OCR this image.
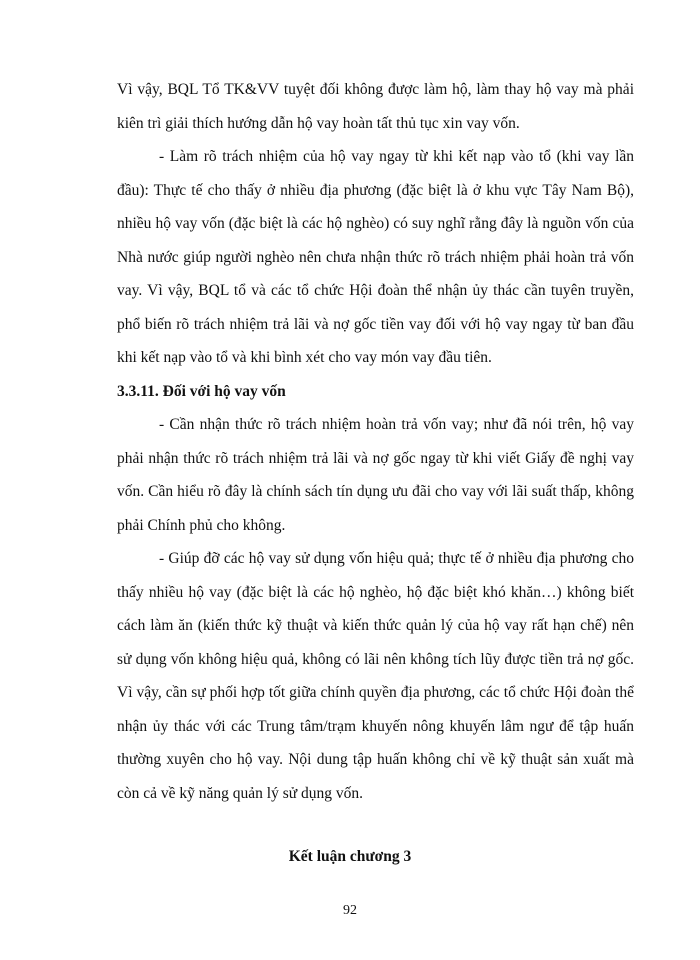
Vì vậy, BQL Tổ TK&VV tuyệt đối không được làm hộ, làm thay hộ vay mà phải kiên trì giải thích hướng dẫn hộ vay hoàn tất thủ tục xin vay vốn.

- Làm rõ trách nhiệm của hộ vay ngay từ khi kết nạp vào tổ (khi vay lần đầu): Thực tế cho thấy ở nhiều địa phương (đặc biệt là ở khu vực Tây Nam Bộ), nhiều hộ vay vốn (đặc biệt là các hộ nghèo) có suy nghĩ rằng đây là nguồn vốn của Nhà nước giúp người nghèo nên chưa nhận thức rõ trách nhiệm phải hoàn trả vốn vay. Vì vậy, BQL tổ và các tổ chức Hội đoàn thể nhận ủy thác cần tuyên truyền, phổ biến rõ trách nhiệm trả lãi và nợ gốc tiền vay đối với hộ vay ngay từ ban đầu khi kết nạp vào tổ và khi bình xét cho vay món vay đầu tiên.

3.3.11. Đối với hộ vay vốn

- Cần nhận thức rõ trách nhiệm hoàn trả vốn vay; như đã nói trên, hộ vay phải nhận thức rõ trách nhiệm trả lãi và nợ gốc ngay từ khi viết Giấy đề nghị vay vốn. Cần hiểu rõ đây là chính sách tín dụng ưu đãi cho vay với lãi suất thấp, không phải Chính phủ cho không.

- Giúp đỡ các hộ vay sử dụng vốn hiệu quả; thực tế ở nhiều địa phương cho thấy nhiều hộ vay (đặc biệt là các hộ nghèo, hộ đặc biệt khó khăn…) không biết cách làm ăn (kiến thức kỹ thuật và kiến thức quản lý của hộ vay rất hạn chế) nên sử dụng vốn không hiệu quả, không có lãi nên không tích lũy được tiền trả nợ gốc. Vì vậy, cần sự phối hợp tốt giữa chính quyền địa phương, các tổ chức Hội đoàn thể nhận ủy thác với các Trung tâm/trạm khuyến nông khuyến lâm ngư để tập huấn thường xuyên cho hộ vay. Nội dung tập huấn không chỉ về kỹ thuật sản xuất mà còn cả về kỹ năng quản lý sử dụng vốn.

Kết luận chương 3
92
